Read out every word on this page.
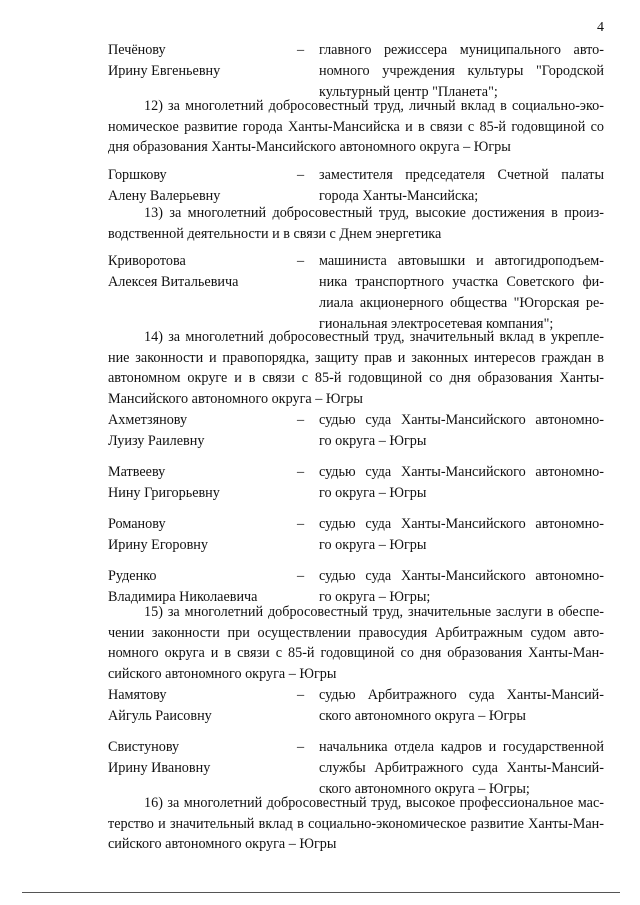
4
Печёнову	– главного режиссера муниципального авто-
Ирину Евгеньевну	номного учреждения культуры "Городской
культурный центр "Планета";
12) за многолетний добросовестный труд, личный вклад в социально-эко-
номическое развитие города Ханты-Мансийска и в связи с 85-й годовщиной со
дня образования Ханты-Мансийского автономного округа – Югры
Горшкову	– заместителя председателя Счетной палаты
Алену Валерьевну	города Ханты-Мансийска;
13) за многолетний добросовестный труд, высокие достижения в произ-
водственной деятельности и в связи с Днем энергетика
Криворотова	– машиниста автовышки и автогидроподъем-
Алексея Витальевича	ника транспортного участка Советского фи-
лиала акционерного общества "Югорская ре-
гиональная электросетевая компания";
14) за многолетний добросовестный труд, значительный вклад в укрепле-
ние законности и правопорядка, защиту прав и законных интересов граждан в
автономном округе и в связи с 85-й годовщиной со дня образования Ханты-
Мансийского автономного округа – Югры
Ахметзянову	– судью суда Ханты-Мансийского автономно-
Луизу Раилевну	го округа – Югры
Матвееву	– судью суда Ханты-Мансийского автономно-
Нину Григорьевну	го округа – Югры
Романову	– судью суда Ханты-Мансийского автономно-
Ирину Егоровну	го округа – Югры
Руденко	– судью суда Ханты-Мансийского автономно-
Владимира Николаевича	го округа – Югры;
15) за многолетний добросовестный труд, значительные заслуги в обеспе-
чении законности при осуществлении правосудия Арбитражным судом авто-
номного округа и в связи с 85-й годовщиной со дня образования Ханты-Ман-
сийского автономного округа – Югры
Намятову	– судью Арбитражного суда Ханты-Мансий-
Айгуль Раисовну	ского автономного округа – Югры
Свистунову	– начальника отдела кадров и государственной
Ирину Ивановну	службы Арбитражного суда Ханты-Мансий-
ского автономного округа – Югры;
16) за многолетний добросовестный труд, высокое профессиональное мас-
терство и значительный вклад в социально-экономическое развитие Ханты-Ман-
сийского автономного округа – Югры
